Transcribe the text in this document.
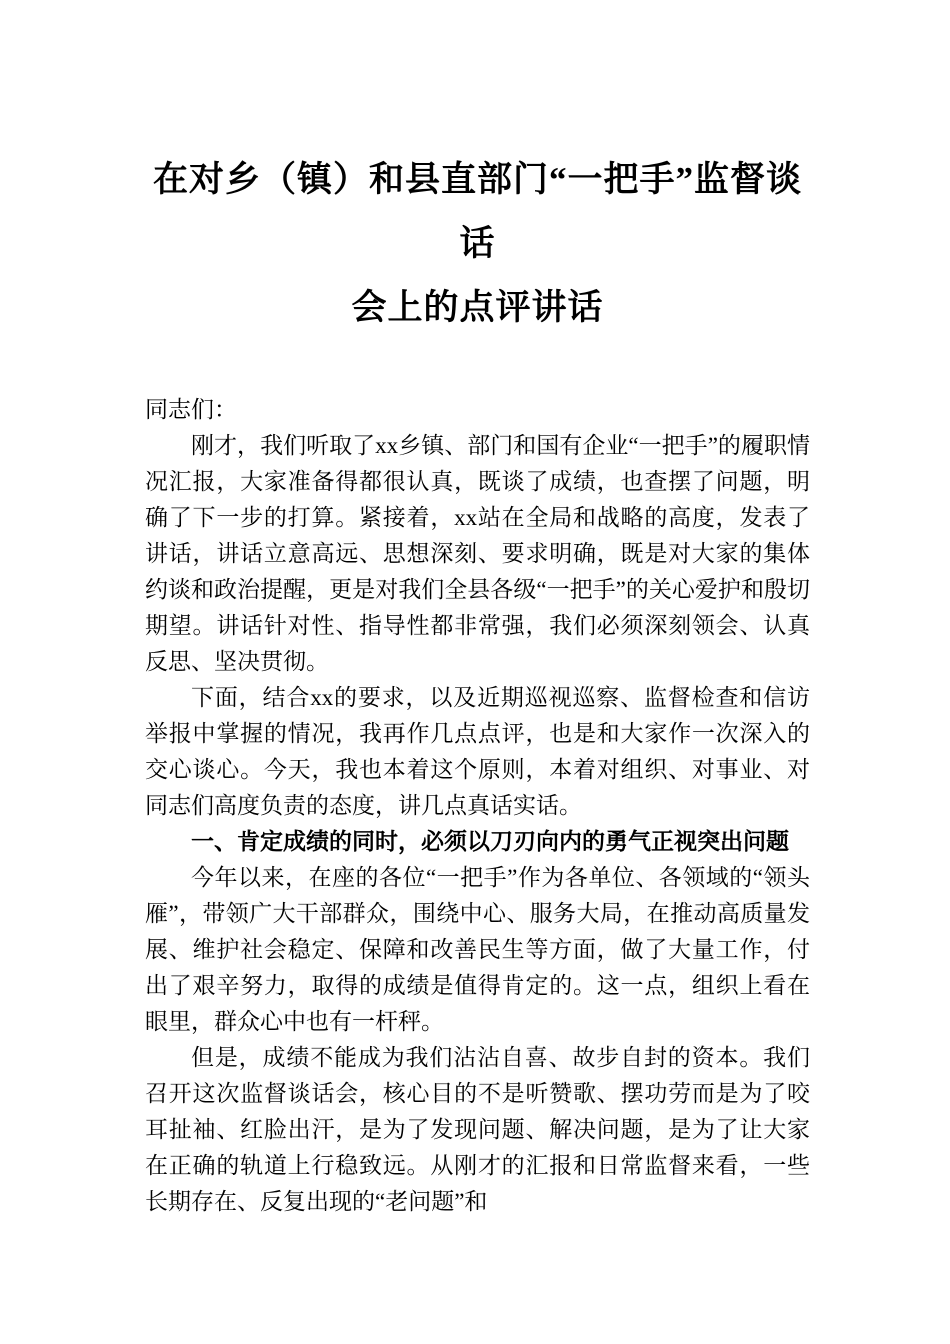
在对乡（镇）和县直部门“一把手”监督谈话
会上的点评讲话

同志们：

刚才，我们听取了xx乡镇、部门和国有企业“一把手”的履职情况汇报，大家准备得都很认真，既谈了成绩，也查摆了问题，明确了下一步的打算。紧接着，xx站在全局和战略的高度，发表了讲话，讲话立意高远、思想深刻、要求明确，既是对大家的集体约谈和政治提醒，更是对我们全县各级“一把手”的关心爱护和殷切期望。讲话针对性、指导性都非常强，我们必须深刻领会、认真反思、坚决贯彻。

下面，结合xx的要求，以及近期巡视巡察、监督检查和信访举报中掌握的情况，我再作几点点评，也是和大家作一次深入的交心谈心。今天，我也本着这个原则，本着对组织、对事业、对同志们高度负责的态度，讲几点真话实话。

一、肯定成绩的同时，必须以刀刃向内的勇气正视突出问题

今年以来，在座的各位“一把手”作为各单位、各领域的“领头雁”，带领广大干部群众，围绕中心、服务大局，在推动高质量发展、维护社会稳定、保障和改善民生等方面，做了大量工作，付出了艰辛努力，取得的成绩是值得肯定的。这一点，组织上看在眼里，群众心中也有一杆秤。

但是，成绩不能成为我们沾沾自喜、故步自封的资本。我们召开这次监督谈话会，核心目的不是听赞歌、摆功劳而是为了咬耳扯袖、红脸出汗，是为了发现问题、解决问题，是为了让大家在正确的轨道上行稳致远。从刚才的汇报和日常监督来看，一些长期存在、反复出现的“老问题”和
